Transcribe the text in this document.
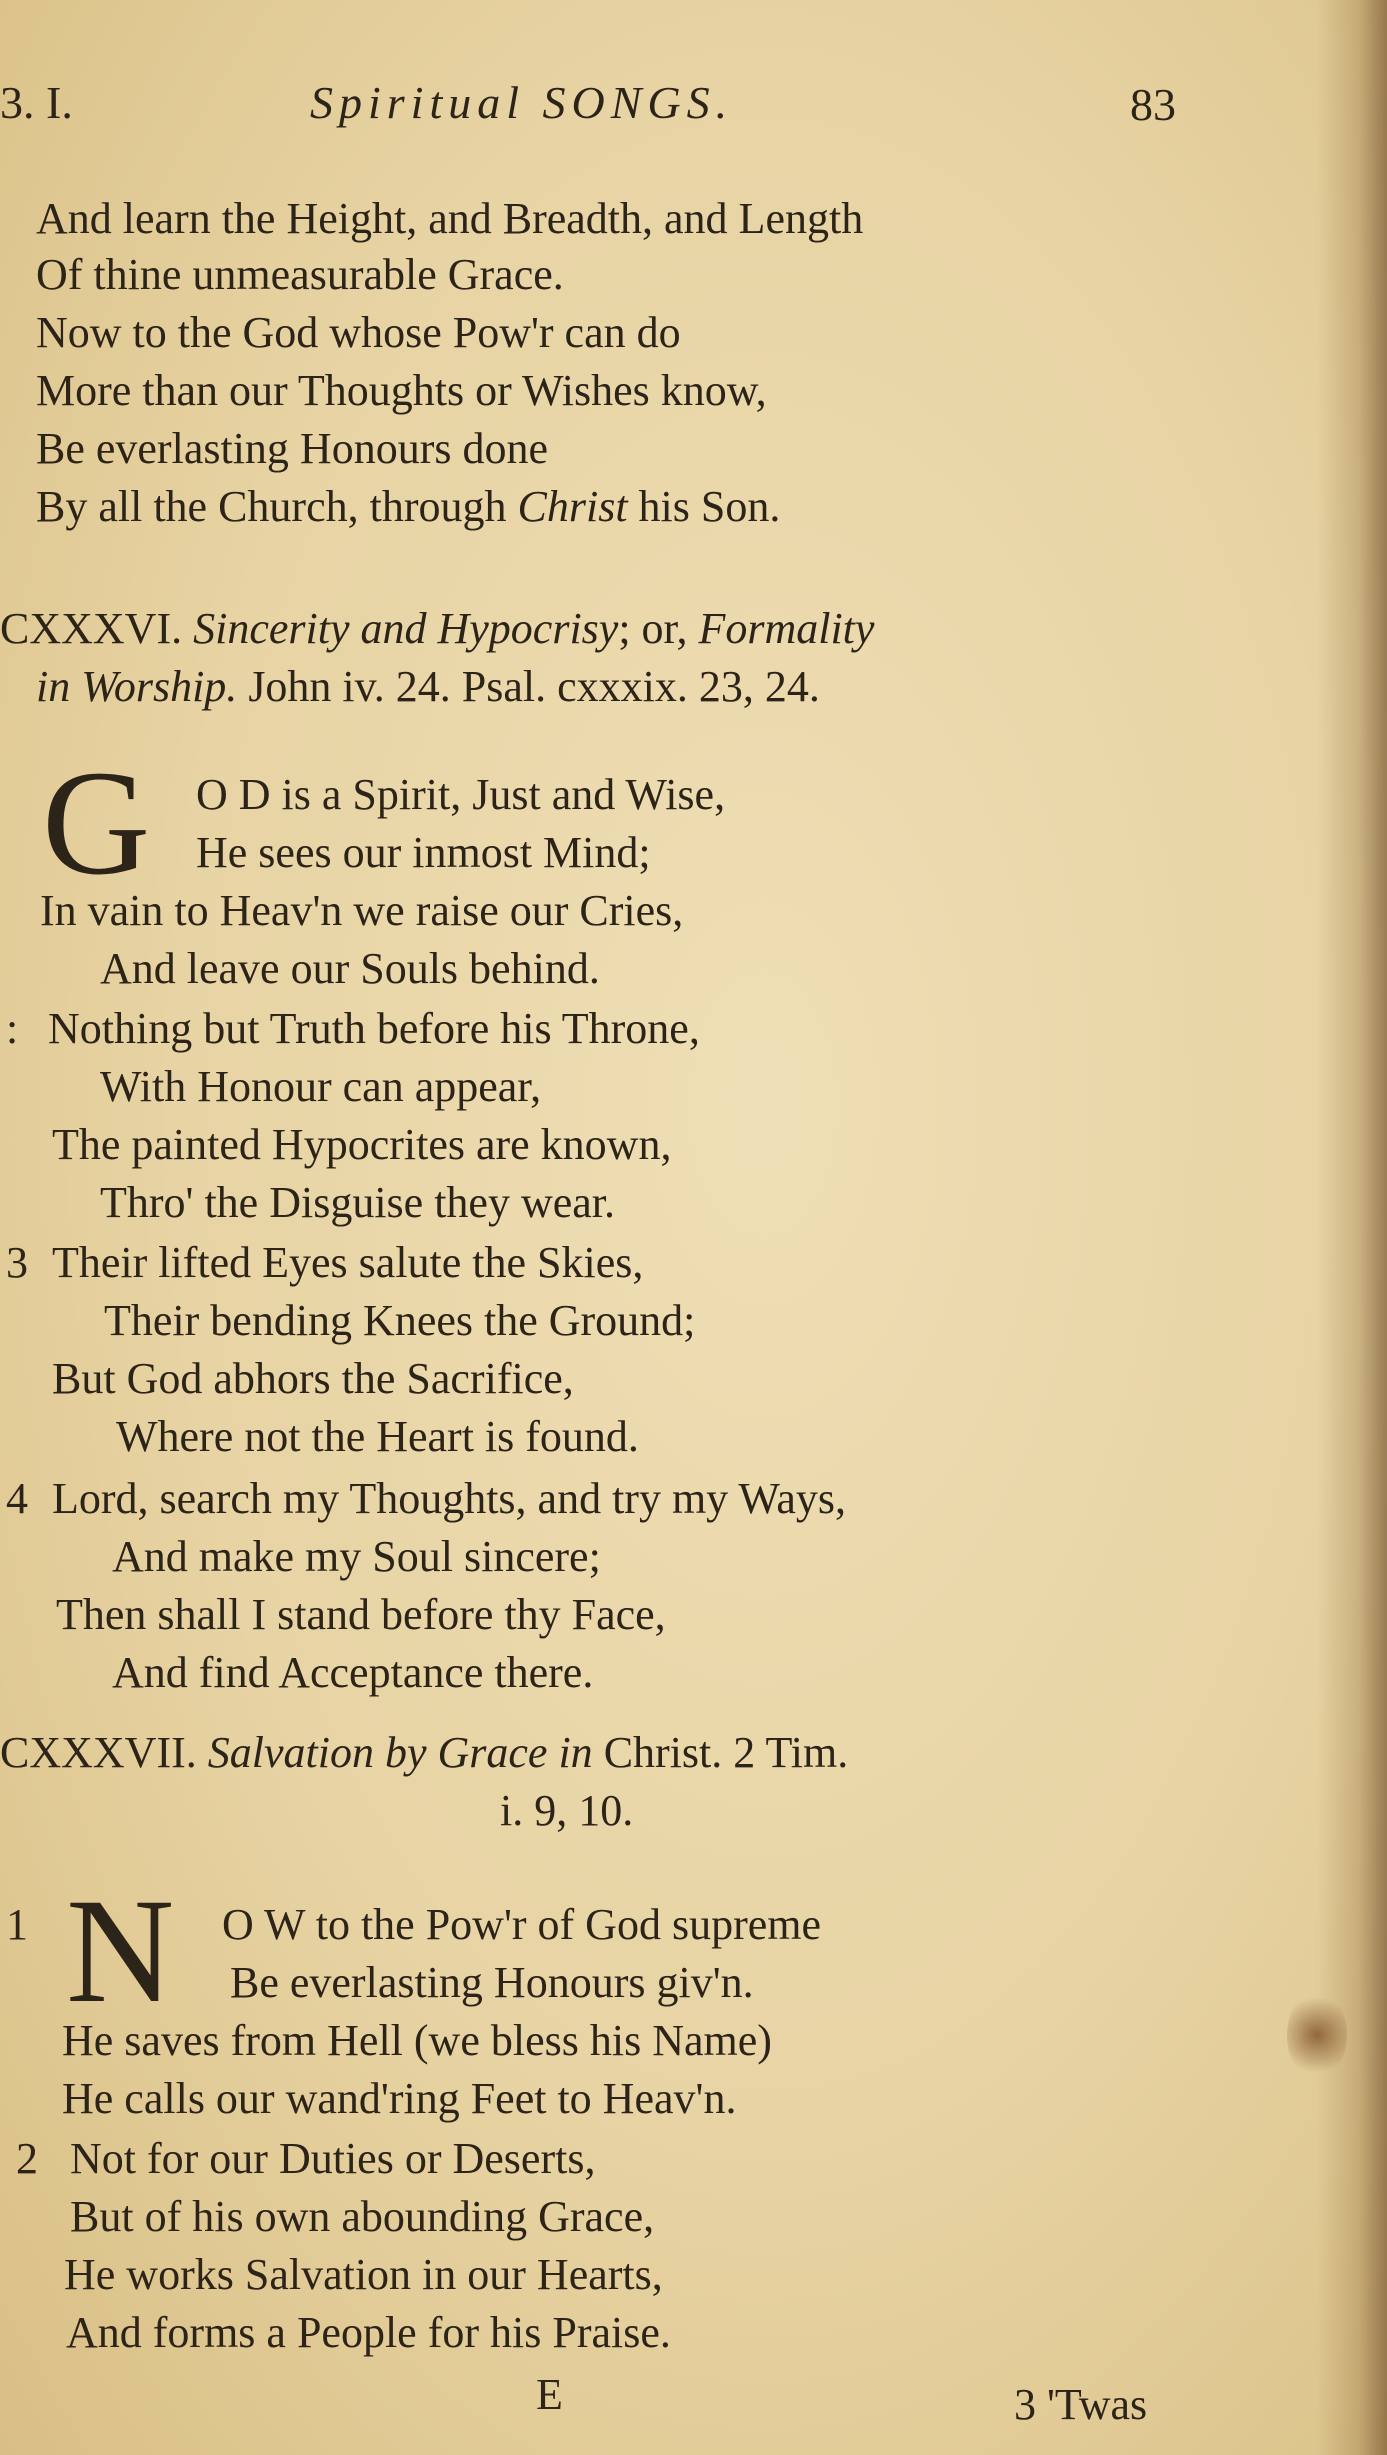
3. I.	Spiritual SONGS.	83
And learn the Height, and Breadth, and Length
Of thine unmeasurable Grace.
Now to the God whose Pow'r can do
More than our Thoughts or Wishes know,
Be everlasting Honours done
By all the Church, through Christ his Son.
CXXXVI. Sincerity and Hypocrisy; or, Formality
in Worship. John iv. 24. Psal. cxxxix. 23, 24.
G O D is a Spirit, Just and Wise,
He sees our inmost Mind;
In vain to Heav'n we raise our Cries,
And leave our Souls behind.
: Nothing but Truth before his Throne,
With Honour can appear,
The painted Hypocrites are known,
Thro' the Disguise they wear.
3 Their lifted Eyes salute the Skies,
Their bending Knees the Ground;
But God abhors the Sacrifice,
Where not the Heart is found.
4 Lord, search my Thoughts, and try my Ways,
And make my Soul sincere;
Then shall I stand before thy Face,
And find Acceptance there.
CXXXVII. Salvation by Grace in Christ. 2 Tim.
i. 9, 10.
1 N O W to the Pow'r of God supreme
Be everlasting Honours giv'n.
He saves from Hell (we bless his Name)
He calls our wand'ring Feet to Heav'n.
2 Not for our Duties or Deserts,
But of his own abounding Grace,
He works Salvation in our Hearts,
And forms a People for his Praise.
E	3 'Twas
